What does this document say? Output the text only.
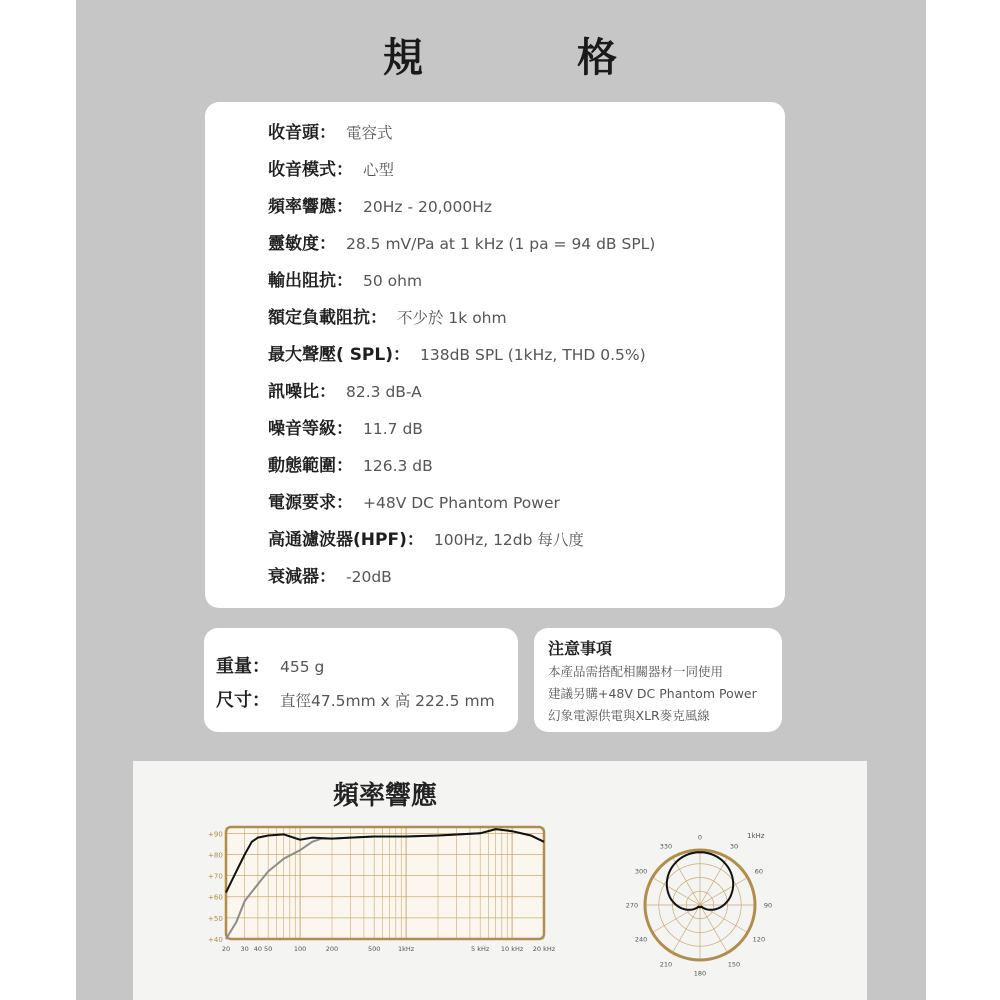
規 格
收音頭： 電容式
收音模式： 心型
頻率響應： 20Hz - 20,000Hz
靈敏度： 28.5 mV/Pa at 1 kHz (1 pa = 94 dB SPL)
輸出阻抗： 50 ohm
額定負載阻抗： 不少於 1k ohm
最大聲壓( SPL)： 138dB SPL (1kHz, THD 0.5%)
訊噪比： 82.3 dB-A
噪音等級： 11.7 dB
動態範圍： 126.3 dB
電源要求： +48V DC Phantom Power
高通濾波器(HPF)： 100Hz, 12db 每八度
衰減器： -20dB
重量： 455 g
尺寸： 直徑47.5mm x 高 222.5 mm
注意事項
本產品需搭配相關器材一同使用
建議另購+48V DC Phantom Power
幻象電源供電與XLR麥克風線
頻率響應
+90
+80
+70
+60
+50
+40
20 30 40 50	100	200	500	1kHz	5 kHz 10 kHz 20 kHz
0
30
60
90
120
150
180
210
240
270
300
330
1kHz
